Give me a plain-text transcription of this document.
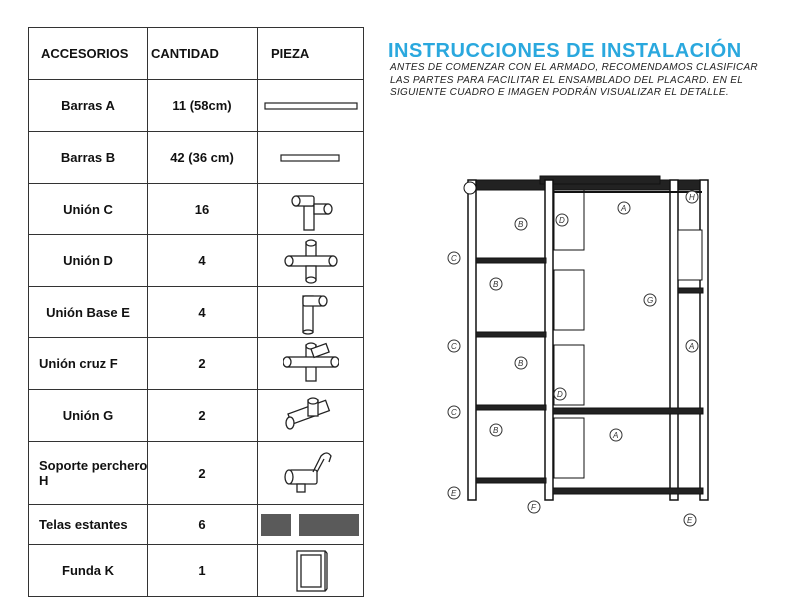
ACCESORIOS	CANTIDAD	PIEZA
Barras A	11 (58cm)
Barras B	42 (36 cm)
Unión C	16
Unión D	4
Unión Base E	4
Unión cruz F	2
Unión G	2
Soporte perchero H	2
Telas estantes	6
Funda K	1
INSTRUCCIONES DE INSTALACIÓN
ANTES DE COMENZAR CON EL ARMADO, RECOMENDAMOS CLASIFICAR LAS PARTES PARA FACILITAR EL ENSAMBLADO DEL PLACARD. EN EL SIGUIENTE CUADRO E IMAGEN PODRÁN VISUALIZAR EL DETALLE.
H
A
D
B
C
B
G
C	A
B
D
C
A
B
E
F
E
